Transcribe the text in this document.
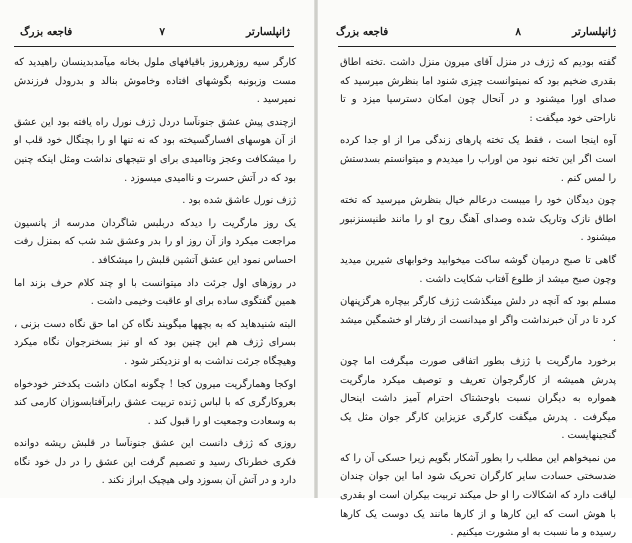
ژانپلسارتر
۷
فاجعه بزرگ

کارگر سیه روزهرروز باقیافهای ملول بخانه میآمدبدینسان راهیدید که مست وزبونبه بگوشهای افتاده وخاموش بنالد و بدرودل فرزندش نمیرسید .

ازچندی پیش عشق جنونآسا دردل ژزف نورل راه یافته بود این عشق از آن هوسهای افسارگسیخته بود که نه تنها او را بچنگال خود قلب او را میشکافت وعجز وناامیدی برای او نتیجهای نداشت ومثل اینکه چنین بود که در آتش حسرت و ناامیدی میسوزد .

ژزف نورل عاشق شده بود .

یک روز مارگریت را دیدکه دربلبس شاگردان مدرسه از پانسیون مراجعت میکرد واز آن روز او را بدر وعشق شد شب که بمنزل رفت احساس نمود این عشق آتشین قلبش را میشکافد .

در روزهای اول جرئت داد میتوانست با او چند کلام حرف بزند اما همین گفتگوی ساده برای او عاقبت وخیمی داشت .

البته شنیدهاید که به بچهها میگویند نگاه کن اما حق نگاه دست بزنی ، بسرای ژزف هم این چنین بود که او نیز بسخنرجوان نگاه میکرد وهیچگاه جرئت نداشت به او نزدیکتر شود .

اوکجا وهمارگریت میرون کجا ! چگونه امکان داشت یکدختر خودخواه بعروکارگری که با لباس ژنده تربیت عشق رابرآفتابسوزان کارمی کند به وسعادت وجمعیت او را قبول کند .

روزی که ژزف دانست این عشق جنونآسا در قلبش ریشه دوانده فکری خطرناک رسید و تصمیم گرفت این عشق را در دل خود نگاه دارد و در آتش آن بسوزد ولی هیچیک ابراز نکند .

ژانپلسارتر
۸
فاجعه بزرگ

گفته بودیم که ژزف در منزل آقای میرون منزل داشت .تخته اطاق بقدری ضخیم بود که نمیتوانست چیزی شنود اما بنظرش میرسید که صدای اورا میشنود و در آنحال چون امکان دسترسیا میزد و تا ناراحتی خود میگفت :

آوه اینجا است ، فقط یک تخته پارهای زندگی مرا از او جدا کرده است اگر این تخته نبود من اوراب را میدیدم و میتوانستم بسدستش را لمس کنم .

چون دیدگان خود را میبست درعالم خیال بنظرش میرسید که تخته اطاق نازک وتاریک شده وصدای آهنگ روح او را مانند طنیسنزنبور میشنود .

گاهی تا صبح درمیان گوشه ساکت میخوابید وخوابهای شیرین میدید وچون صبح میشد از طلوع آفتاب شکایت داشت .

مسلم بود که آنچه در دلش مینگذشت ژزف کارگر بیچاره هرگزپنهان کرد تا در آن خبرنداشت واگر او میدانست از رفتار او خشمگین میشد .

برخورد مارگریت با ژزف بطور اتفاقی صورت میگرفت اما چون پدرش همیشه از کارگرجوان تعریف و توصیف میکرد مارگریت همواره به دیگران نسبت باوحشتاک احترام آمیز داشت اینحال میگرفت . پدرش میگفت کارگری عزیزاین کارگر جوان مثل یک گنجینهایست .

من نمیخواهم این مطلب را بطور آشکار بگویم زیرا حسکی آن را که ضدسختی حسادت سایر کارگران تحریک شود اما این جوان چندان لیاقت دارد که اشکالات را او حل میکند تربیت بیکران است او بقدری با هوش است که این کارها و از کارها مانند یک دوست یک کارها رسیده و ما نسبت به او مشورت میکنیم .
